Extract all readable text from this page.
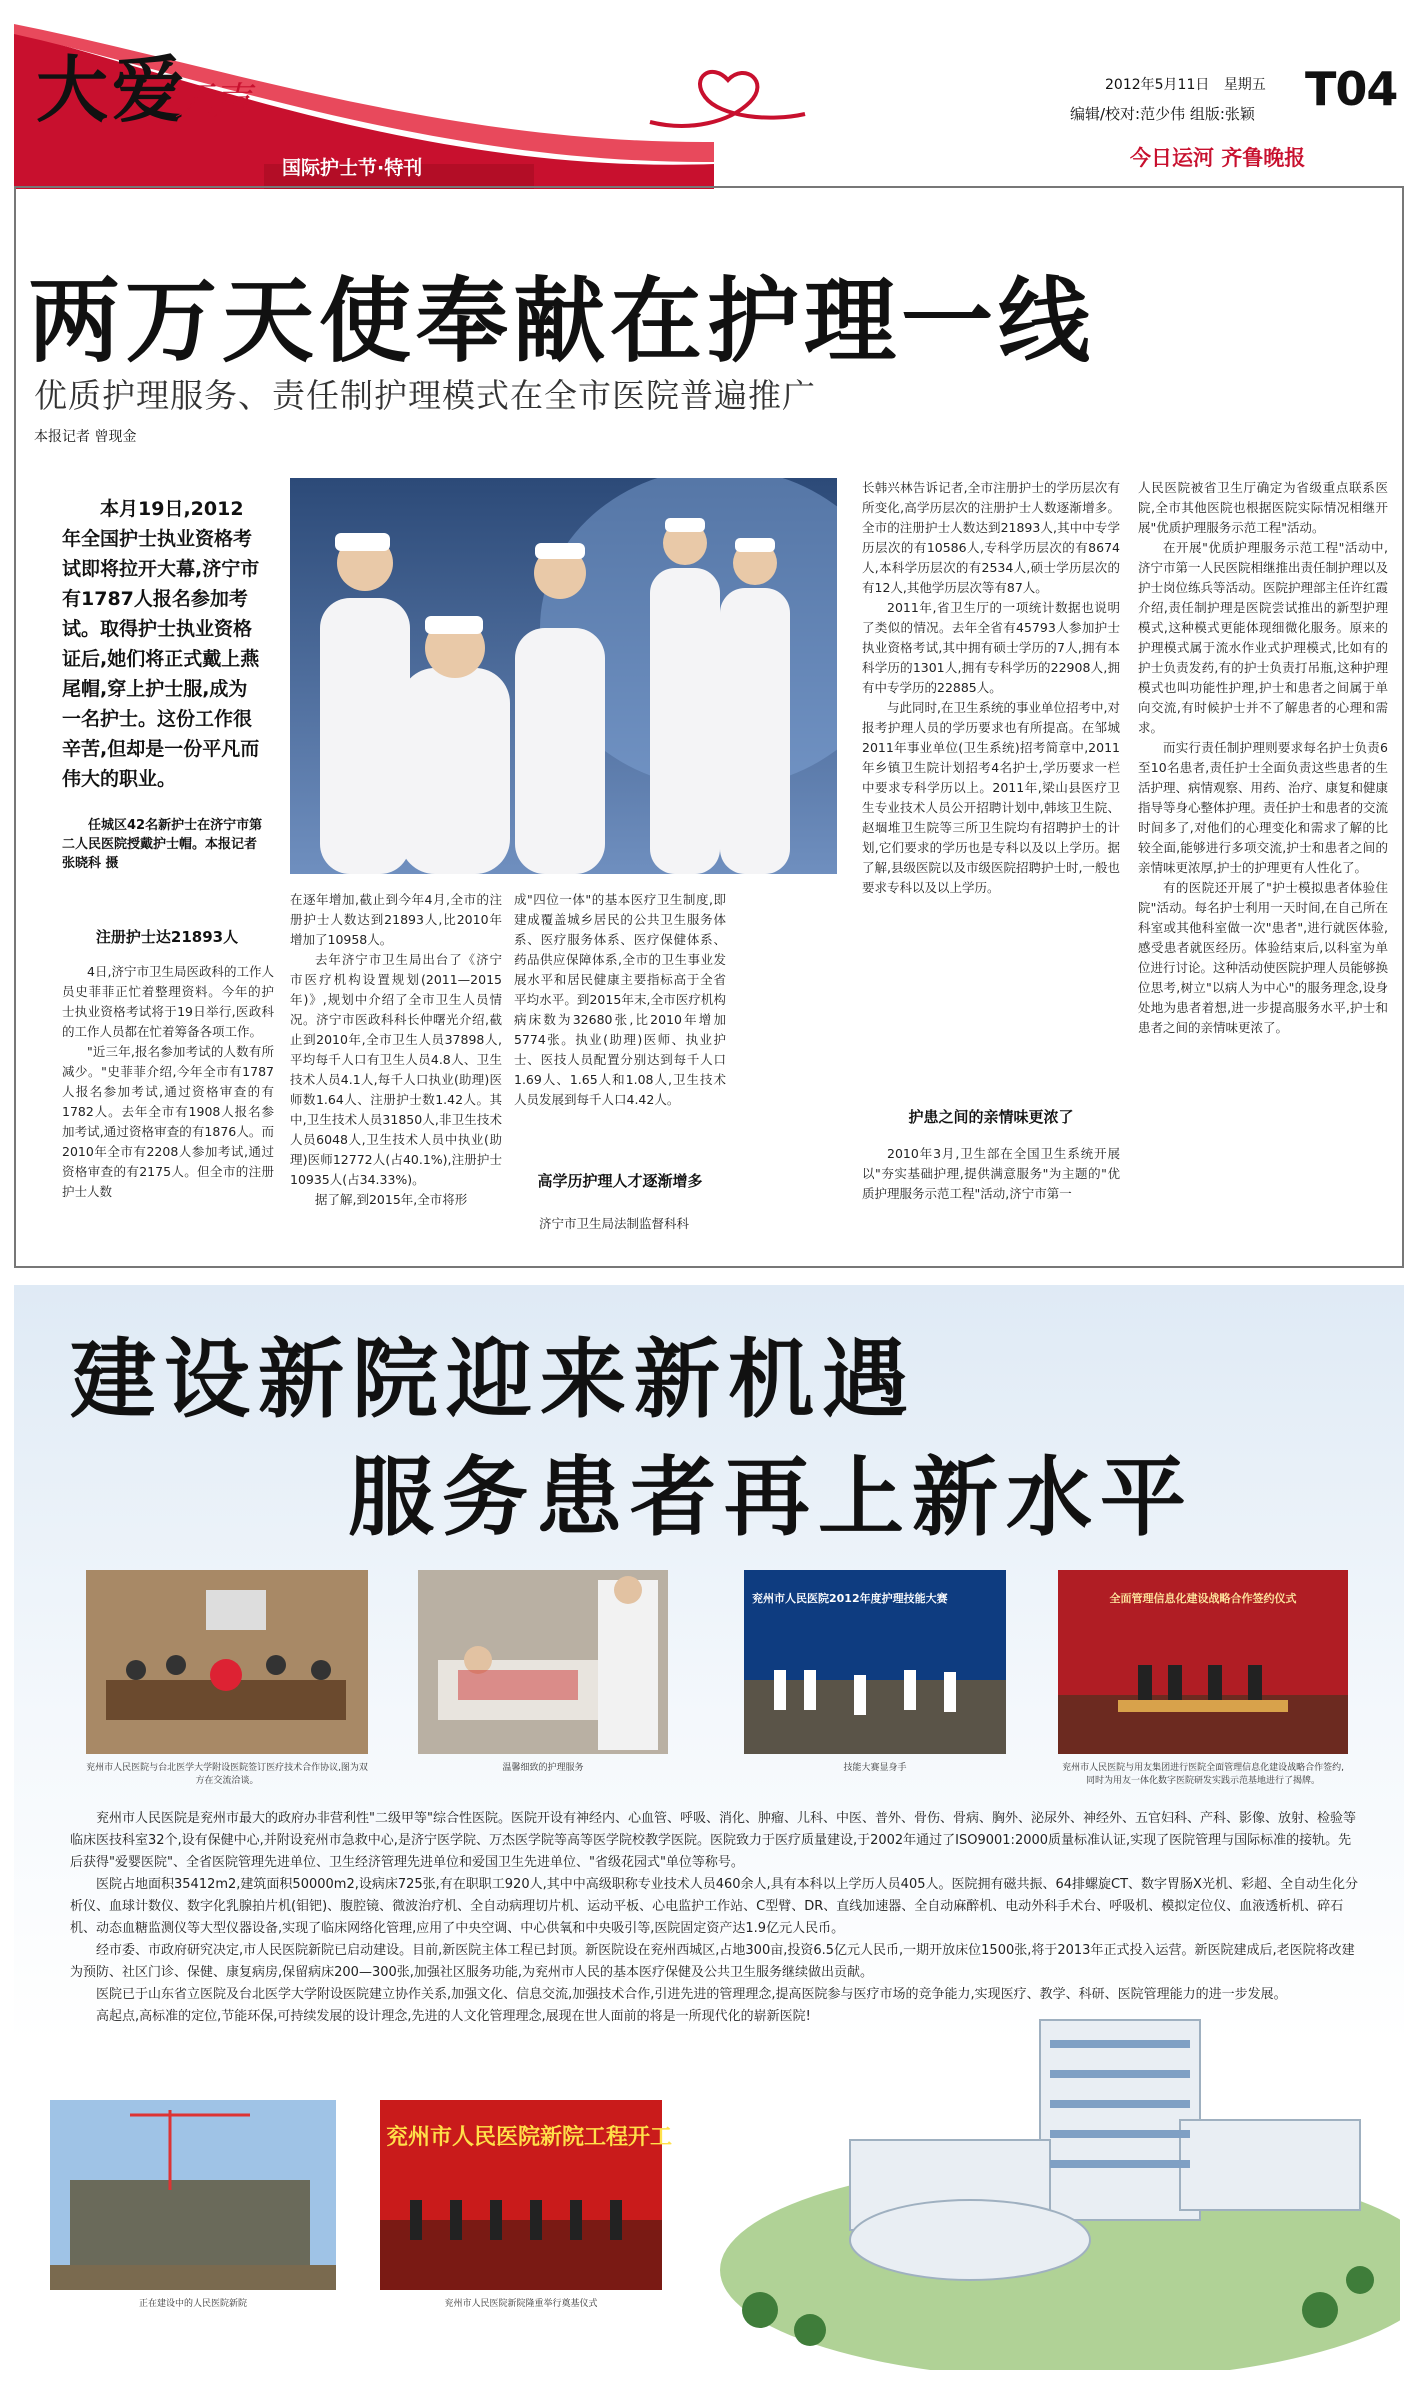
大爱
无声
国际护士节·特刊
2012年5月11日 星期五 T04
编辑/校对:范少伟 组版:张颖
今日运河 齐鲁晚报
两万天使奉献在护理一线
优质护理服务、责任制护理模式在全市医院普遍推广
本报记者 曾现金
本月19日,2012年全国护士执业资格考试即将拉开大幕,济宁市有1787人报名参加考试。取得护士执业资格证后,她们将正式戴上燕尾帽,穿上护士服,成为一名护士。这份工作很辛苦,但却是一份平凡而伟大的职业。
任城区42名新护士在济宁市第二人民医院授戴护士帽。本报记者 张晓科 摄
注册护士达21893人

4日,济宁市卫生局医政科的工作人员史菲菲正忙着整理资料。今年的护士执业资格考试将于19日举行,医政科的工作人员都在忙着筹备各项工作。

"近三年,报名参加考试的人数有所减少。"史菲菲介绍,今年全市有1787人报名参加考试,通过资格审查的有1782人。去年全市有1908人报名参加考试,通过资格审查的有1876人。而2010年全市有2208人参加考试,通过资格审查的有2175人。但全市的注册护士人数

在逐年增加,截止到今年4月,全市的注册护士人数达到21893人,比2010年增加了10958人。

去年济宁市卫生局出台了《济宁市医疗机构设置规划(2011—2015年)》,规划中介绍了全市卫生人员情况。济宁市医政科科长仲曙光介绍,截止到2010年,全市卫生人员37898人,平均每千人口有卫生人员4.8人、卫生技术人员4.1人,每千人口执业(助理)医师数1.64人、注册护士数1.42人。其中,卫生技术人员31850人,非卫生技术人员6048人,卫生技术人员中执业(助理)医师12772人(占40.1%),注册护士10935人(占34.33%)。

据了解,到2015年,全市将形

成"四位一体"的基本医疗卫生制度,即建成覆盖城乡居民的公共卫生服务体系、医疗服务体系、医疗保健体系、药品供应保障体系,全市的卫生事业发展水平和居民健康主要指标高于全省平均水平。到2015年末,全市医疗机构病床数为32680张,比2010年增加5774张。执业(助理)医师、执业护士、医技人员配置分别达到每千人口1.69人、1.65人和1.08人,卫生技术人员发展到每千人口4.42人。

高学历护理人才逐渐增多

济宁市卫生局法制监督科科

长韩兴林告诉记者,全市注册护士的学历层次有所变化,高学历层次的注册护士人数逐渐增多。全市的注册护士人数达到21893人,其中中专学历层次的有10586人,专科学历层次的有8674人,本科学历层次的有2534人,硕士学历层次的有12人,其他学历层次等有87人。

2011年,省卫生厅的一项统计数据也说明了类似的情况。去年全省有45793人参加护士执业资格考试,其中拥有硕士学历的7人,拥有本科学历的1301人,拥有专科学历的22908人,拥有中专学历的22885人。

与此同时,在卫生系统的事业单位招考中,对报考护理人员的学历要求也有所提高。在邹城2011年事业单位(卫生系统)招考简章中,2011年乡镇卫生院计划招考4名护士,学历要求一栏中要求专科学历以上。2011年,梁山县医疗卫生专业技术人员公开招聘计划中,韩垓卫生院、赵堌堆卫生院等三所卫生院均有招聘护士的计划,它们要求的学历也是专科以及以上学历。据了解,县级医院以及市级医院招聘护士时,一般也要求专科以及以上学历。

护患之间的亲情味更浓了

2010年3月,卫生部在全国卫生系统开展以"夯实基础护理,提供满意服务"为主题的"优质护理服务示范工程"活动,济宁市第一

人民医院被省卫生厅确定为省级重点联系医院,全市其他医院也根据医院实际情况相继开展"优质护理服务示范工程"活动。

在开展"优质护理服务示范工程"活动中,济宁市第一人民医院相继推出责任制护理以及护士岗位练兵等活动。医院护理部主任许红霞介绍,责任制护理是医院尝试推出的新型护理模式,这种模式更能体现细微化服务。原来的护理模式属于流水作业式护理模式,比如有的护士负责发药,有的护士负责打吊瓶,这种护理模式也叫功能性护理,护士和患者之间属于单向交流,有时候护士并不了解患者的心理和需求。

而实行责任制护理则要求每名护士负责6至10名患者,责任护士全面负责这些患者的生活护理、病情观察、用药、治疗、康复和健康指导等身心整体护理。责任护士和患者的交流时间多了,对他们的心理变化和需求了解的比较全面,能够进行多项交流,护士和患者之间的亲情味更浓厚,护士的护理更有人性化了。

有的医院还开展了"护士模拟患者体验住院"活动。每名护士利用一天时间,在自己所在科室或其他科室做一次"患者",进行就医体验,感受患者就医经历。体验结束后,以科室为单位进行讨论。这种活动使医院护理人员能够换位思考,树立"以病人为中心"的服务理念,设身处地为患者着想,进一步提高服务水平,护士和患者之间的亲情味更浓了。

建设新院迎来新机遇
服务患者再上新水平
兖州市人民医院与台北医学大学附设医院签订医疗技术合作协议,图为双方在交流洽谈。
温馨细致的护理服务
兖州市人民医院2012年度护理技能大赛
技能大赛显身手
全面管理信息化建设战略合作签约仪式
兖州市人民医院与用友集团进行医院全面管理信息化建设战略合作签约,同时为用友一体化数字医院研发实践示范基地进行了揭牌。

兖州市人民医院是兖州市最大的政府办非营利性"二级甲等"综合性医院。医院开设有神经内、心血管、呼吸、消化、肿瘤、儿科、中医、普外、骨伤、骨病、胸外、泌尿外、神经外、五官妇科、产科、影像、放射、检验等临床医技科室32个,设有保健中心,并附设兖州市急救中心,是济宁医学院、万杰医学院等高等医学院校教学医院。医院致力于医疗质量建设,于2002年通过了ISO9001:2000质量标准认证,实现了医院管理与国际标准的接轨。先后获得"爱婴医院"、全省医院管理先进单位、卫生经济管理先进单位和爱国卫生先进单位、"省级花园式"单位等称号。

医院占地面积35412m2,建筑面积50000m2,设病床725张,有在职职工920人,其中中高级职称专业技术人员460余人,具有本科以上学历人员405人。医院拥有磁共振、64排螺旋CT、数字胃肠X光机、彩超、全自动生化分析仪、血球计数仪、数字化乳腺拍片机(钼钯)、腹腔镜、微波治疗机、全自动病理切片机、运动平板、心电监护工作站、C型臂、DR、直线加速器、全自动麻醉机、电动外科手术台、呼吸机、模拟定位仪、血液透析机、碎石机、动态血糖监测仪等大型仪器设备,实现了临床网络化管理,应用了中央空调、中心供氧和中央吸引等,医院固定资产达1.9亿元人民币。

经市委、市政府研究决定,市人民医院新院已启动建设。目前,新医院主体工程已封顶。新医院设在兖州西城区,占地300亩,投资6.5亿元人民币,一期开放床位1500张,将于2013年正式投入运营。新医院建成后,老医院将改建为预防、社区门诊、保健、康复病房,保留病床200—300张,加强社区服务功能,为兖州市人民的基本医疗保健及公共卫生服务继续做出贡献。

医院已于山东省立医院及台北医学大学附设医院建立协作关系,加强文化、信息交流,加强技术合作,引进先进的管理理念,提高医院参与医疗市场的竞争能力,实现医疗、教学、科研、医院管理能力的进一步发展。

高起点,高标准的定位,节能环保,可持续发展的设计理念,先进的人文化管理理念,展现在世人面前的将是一所现代化的崭新医院!

正在建设中的人民医院新院
兖州市人民医院新院工程开工
兖州市人民医院新院隆重举行奠基仪式
